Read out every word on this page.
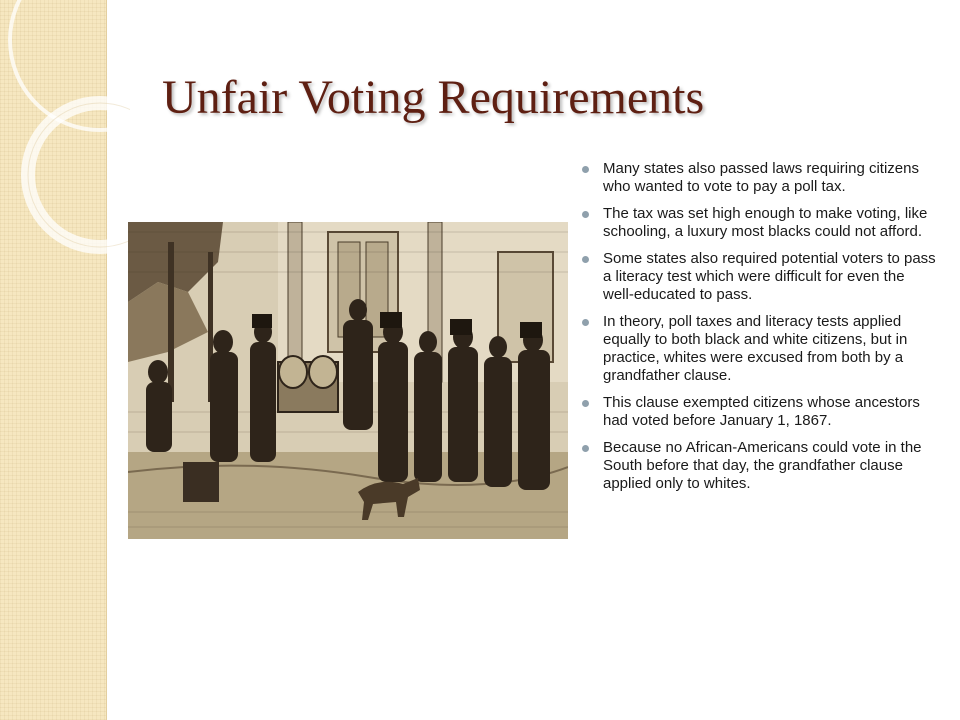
Unfair Voting Requirements
Many states also passed laws requiring citizens who wanted to vote to pay a poll tax.
The tax was set high enough to make voting, like schooling, a luxury most blacks could not afford.
Some states also required potential voters to pass a literacy test which were difficult for even the well-educated to pass.
In theory, poll taxes and literacy tests applied equally to both black and white citizens, but in practice, whites were excused from both by a grandfather clause.
This clause exempted citizens whose ancestors had voted before January 1, 1867.
Because no African-Americans could vote in the South before that day, the grandfather clause applied only to whites.
